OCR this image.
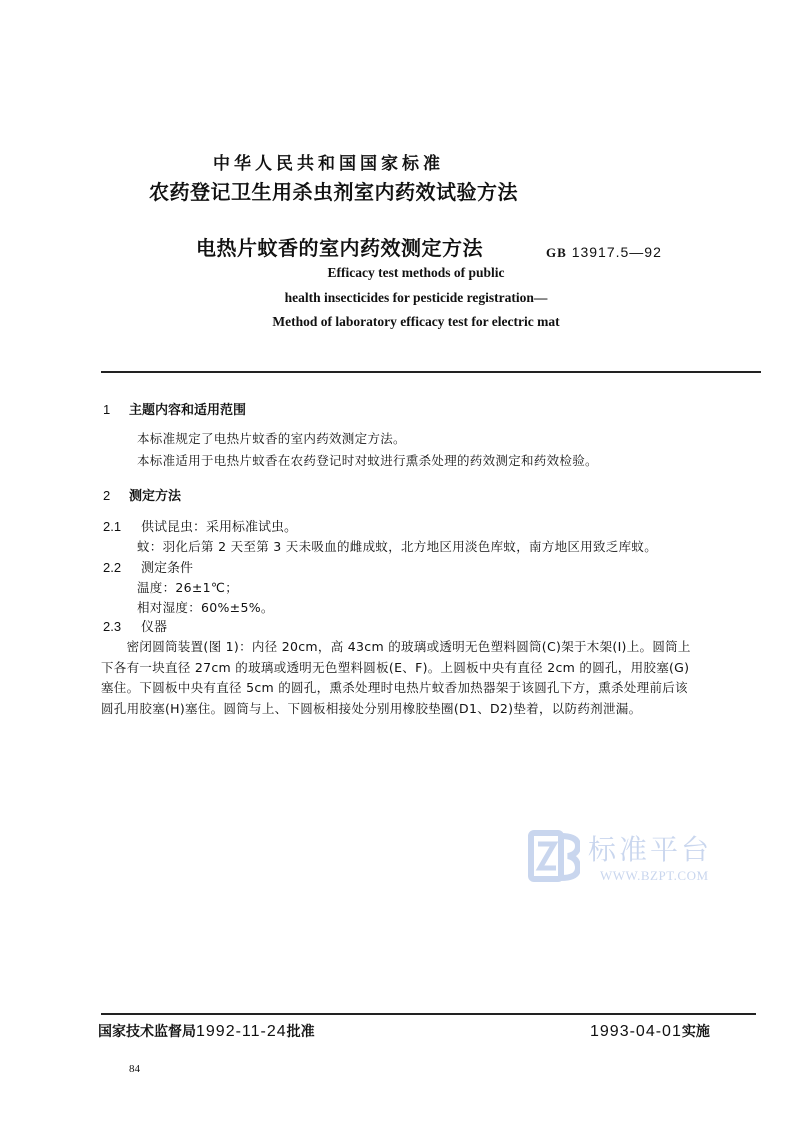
中华人民共和国国家标准
农药登记卫生用杀虫剂室内药效试验方法
电热片蚊香的室内药效测定方法	GB 13917.5—92
Efficacy test methods of public
health insecticides for pesticide registration—
Method of laboratory efficacy test for electric mat
1 主题内容和适用范围
本标准规定了电热片蚊香的室内药效测定方法。
本标准适用于电热片蚊香在农药登记时对蚊进行熏杀处理的药效测定和药效检验。
2 测定方法
2.1 供试昆虫：采用标准试虫。
蚊：羽化后第 2 天至第 3 天未吸血的雌成蚊，北方地区用淡色库蚊，南方地区用致乏库蚊。
2.2 测定条件
温度：26±1℃；
相对湿度：60%±5%。
2.3 仪器

　　密闭圆筒装置(图 1)：内径 20cm，高 43cm 的玻璃或透明无色塑料圆筒(C)架于木架(I)上。圆筒上

下各有一块直径 27cm 的玻璃或透明无色塑料圆板(E、F)。上圆板中央有直径 2cm 的圆孔，用胶塞(G)

塞住。下圆板中央有直径 5cm 的圆孔，熏杀处理时电热片蚊香加热器架于该圆孔下方，熏杀处理前后该

圆孔用胶塞(H)塞住。圆筒与上、下圆板相接处分别用橡胶垫圈(D1、D2)垫着，以防药剂泄漏。

标准平台
WWW.BZPT.COM
国家技术监督局1992-11-24批准	1993-04-01实施
84
